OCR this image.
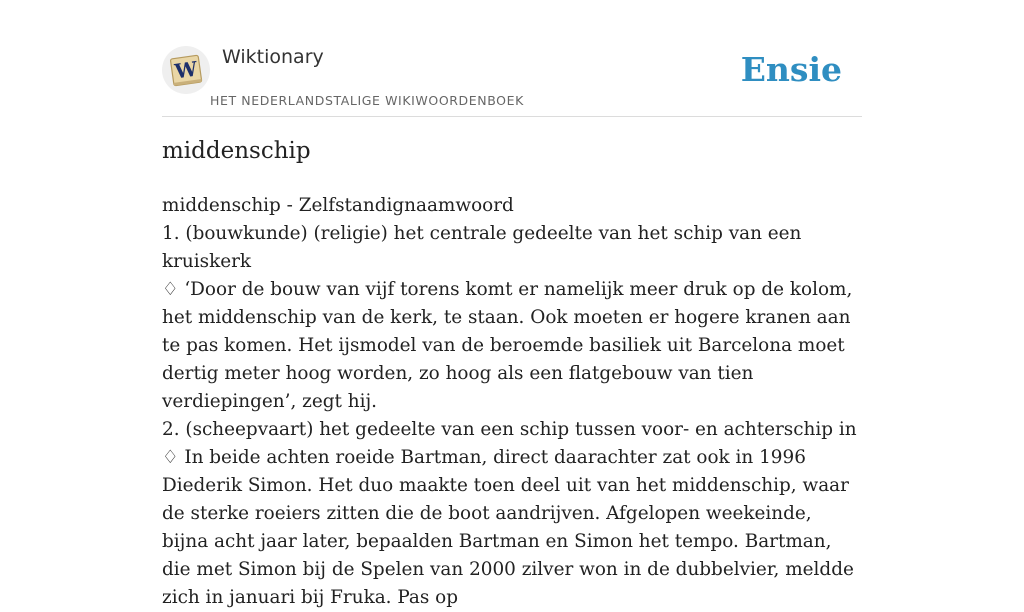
W Wiktionary
HET NEDERLANDSTALIGE WIKIWOORDENBOEK
Ensie
middenschip

middenschip - Zelfstandignaamwoord

1. (bouwkunde) (religie) het centrale gedeelte van het schip van een kruiskerk

♢ ‘Door de bouw van vijf torens komt er namelijk meer druk op de kolom, het middenschip van de kerk, te staan. Ook moeten er hogere kranen aan te pas komen. Het ijsmodel van de beroemde basiliek uit Barcelona moet dertig meter hoog worden, zo hoog als een flatgebouw van tien verdiepingen’, zegt hij.

2. (scheepvaart) het gedeelte van een schip tussen voor- en achterschip in

♢ In beide achten roeide Bartman, direct daarachter zat ook in 1996 Diederik Simon. Het duo maakte toen deel uit van het middenschip, waar de sterke roeiers zitten die de boot aandrijven. Afgelopen weekeinde, bijna acht jaar later, bepaalden Bartman en Simon het tempo. Bartman, die met Simon bij de Spelen van 2000 zilver won in de dubbelvier, meldde zich in januari bij Fruka. Pas op
